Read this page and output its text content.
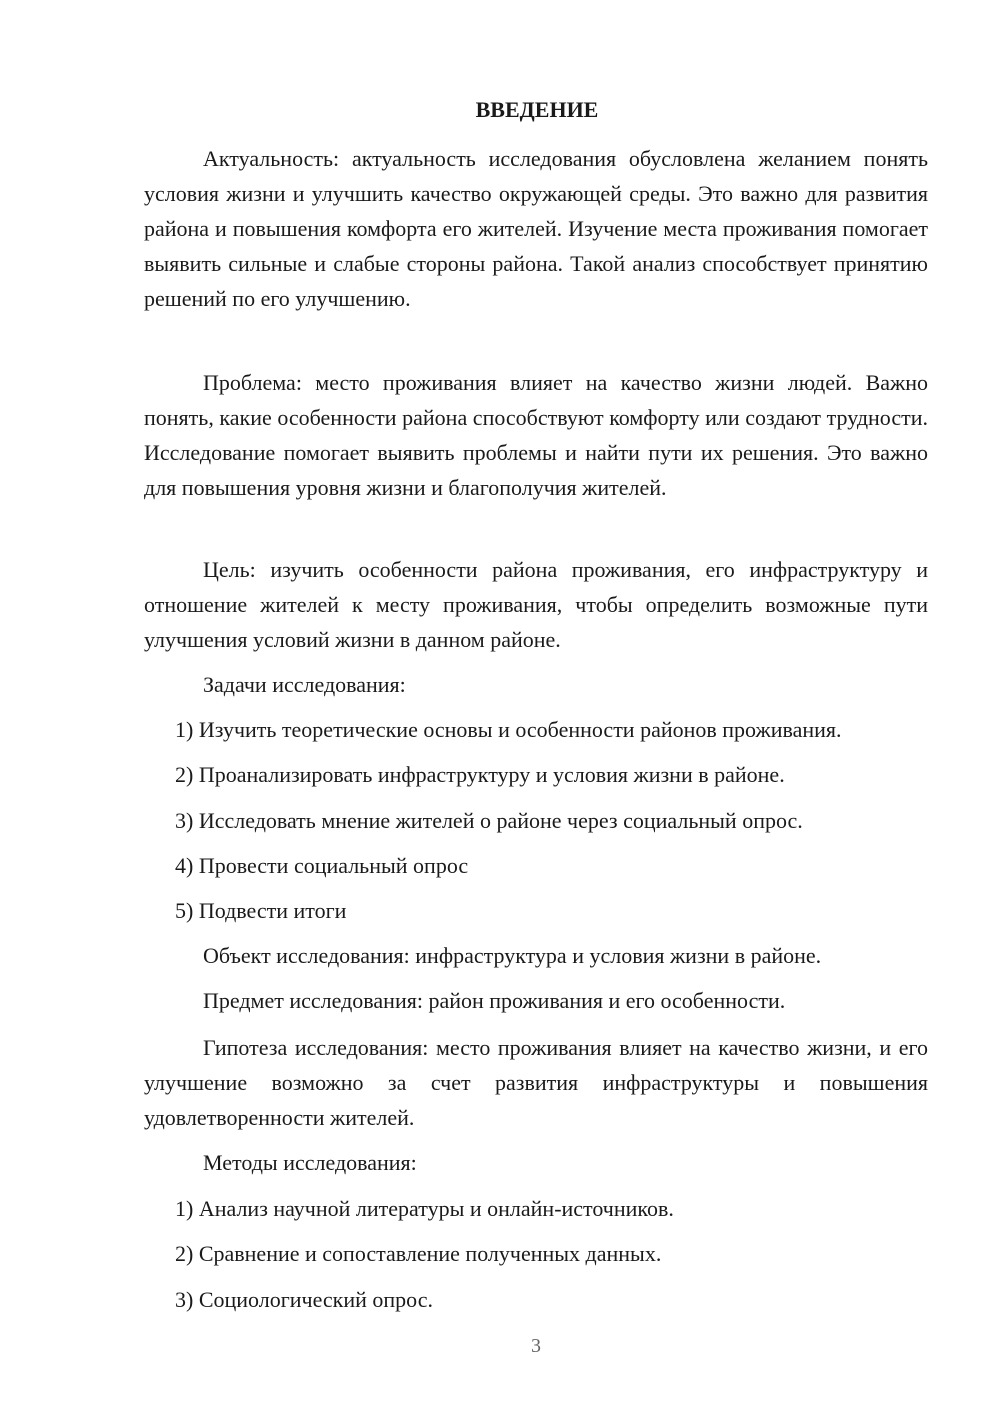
ВВЕДЕНИЕ

Актуальность: актуальность исследования обусловлена желанием понять условия жизни и улучшить качество окружающей среды. Это важно для развития района и повышения комфорта его жителей. Изучение места проживания помогает выявить сильные и слабые стороны района. Такой анализ способствует принятию решений по его улучшению.

Проблема: место проживания влияет на качество жизни людей. Важно понять, какие особенности района способствуют комфорту или создают трудности. Исследование помогает выявить проблемы и найти пути их решения. Это важно для повышения уровня жизни и благополучия жителей.

Цель: изучить особенности района проживания, его инфраструктуру и отношение жителей к месту проживания, чтобы определить возможные пути улучшения условий жизни в данном районе.

Задачи исследования:

1) Изучить теоретические основы и особенности районов проживания.

2) Проанализировать инфраструктуру и условия жизни в районе.

3) Исследовать мнение жителей о районе через социальный опрос.

4) Провести социальный опрос

5) Подвести итоги

Объект исследования: инфраструктура и условия жизни в районе.

Предмет исследования: район проживания и его особенности.

Гипотеза исследования: место проживания влияет на качество жизни, и его улучшение возможно за счет развития инфраструктуры и повышения удовлетворенности жителей.

Методы исследования:

1) Анализ научной литературы и онлайн-источников.

2) Сравнение и сопоставление полученных данных.

3) Социологический опрос.

3
